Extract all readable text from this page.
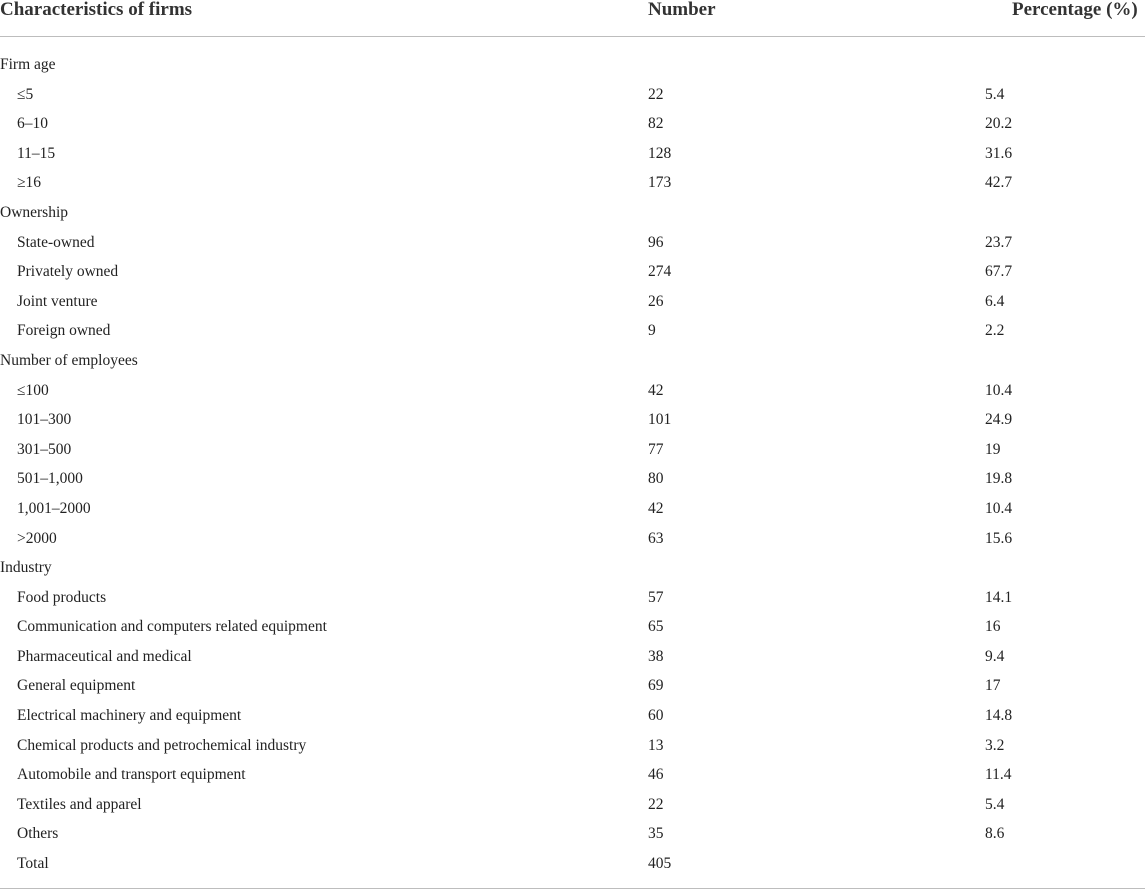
Characteristics of firms	Number	Percentage (%)
Firm age
≤5	22	5.4
6–10	82	20.2
11–15	128	31.6
≥16	173	42.7
Ownership
State-owned	96	23.7
Privately owned	274	67.7
Joint venture	26	6.4
Foreign owned	9	2.2
Number of employees
≤100	42	10.4
101–300	101	24.9
301–500	77	19
501–1,000	80	19.8
1,001–2000	42	10.4
>2000	63	15.6
Industry
Food products	57	14.1
Communication and computers related equipment	65	16
Pharmaceutical and medical	38	9.4
General equipment	69	17
Electrical machinery and equipment	60	14.8
Chemical products and petrochemical industry	13	3.2
Automobile and transport equipment	46	11.4
Textiles and apparel	22	5.4
Others	35	8.6
Total	405
